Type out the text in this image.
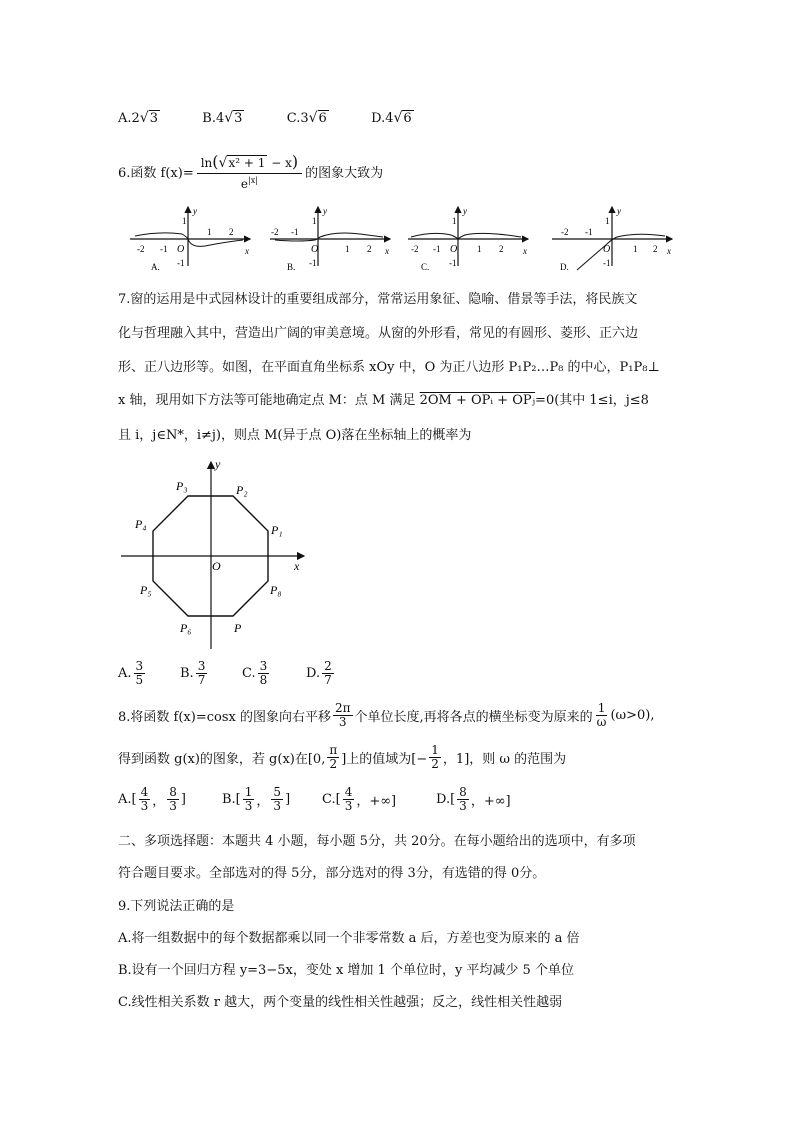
A.2√3	B.4√3	C.3√6	D.4√6
6.函数 $f(x)= \frac{\text{ln(√x² + 1 − x)}}{e^{|x|}}$ 的图象大致为
-2 -1 O
1 2
1
-1
x
y
A.
-2 -1
O	1 2
1
-1
x
y
B.
-2 -1 O 1 2
1
-1
x
y
C.
-2 -1
O	1 2
1
-1
x
y
D.
7.窗的运用是中式园林设计的重要组成部分，常常运用象征、隐喻、借景等手法，将民族文
化与哲理融入其中，营造出广阔的审美意境。从窗的外形看，常见的有圆形、菱形、正六边
形、正八边形等。如图，在平面直角坐标系 xOy 中，O 为正八边形 P₁P₂…P₈ 的中心，P₁P₈⊥
x 轴，现用如下方法等可能地确定点 M：点 M 满足 2OM + OPᵢ + OPⱼ=0(其中 1≤i，j≤8
且 i，j∈N*，i≠j)，则点 M(异于点 O)落在坐标轴上的概率为
P₁
P₂
P₃
P₄
P₅
P₆	P
P₈
O	x
y
A. $\frac{3}{5}$	B. $\frac{3}{7}$	C. $\frac{3}{8}$	D. $\frac{2}{7}$
8.将函数 f(x)=cosx 的图象向右平移 $\frac{2\pi}{3}$ 个单位长度,再将各点的横坐标变为原来的 $\frac{1}{\omega} (\omega>0)$,
得到函数 g(x)的图象，若 g(x)在[0, $\frac{\pi}{2}$ ]上的值域为[− $\frac{1}{2}$ ，1]，则 ω 的范围为
$A.[ \frac{4}{3}$ ， $\frac{8}{3}$ ]	$B.[ \frac{1}{3}$ ， $\frac{5}{3}$ ] $C.[ \frac{4}{3}$ ，+∞]	$D.[ \frac{8}{3}$ ，+∞]
二、多项选择题：本题共 4 小题，每小题 5分，共 20分。在每小题给出的选项中，有多项
符合题目要求。全部选对的得 5分，部分选对的得 3分，有选错的得 0分。
9.下列说法正确的是
A.将一组数据中的每个数据都乘以同一个非零常数 a 后，方差也变为原来的 a 倍
B.设有一个回归方程 y=3−5x，变处 x 增加 1 个单位时，y 平均减少 5 个单位
C.线性相关系数 r 越大，两个变量的线性相关性越强；反之，线性相关性越弱
